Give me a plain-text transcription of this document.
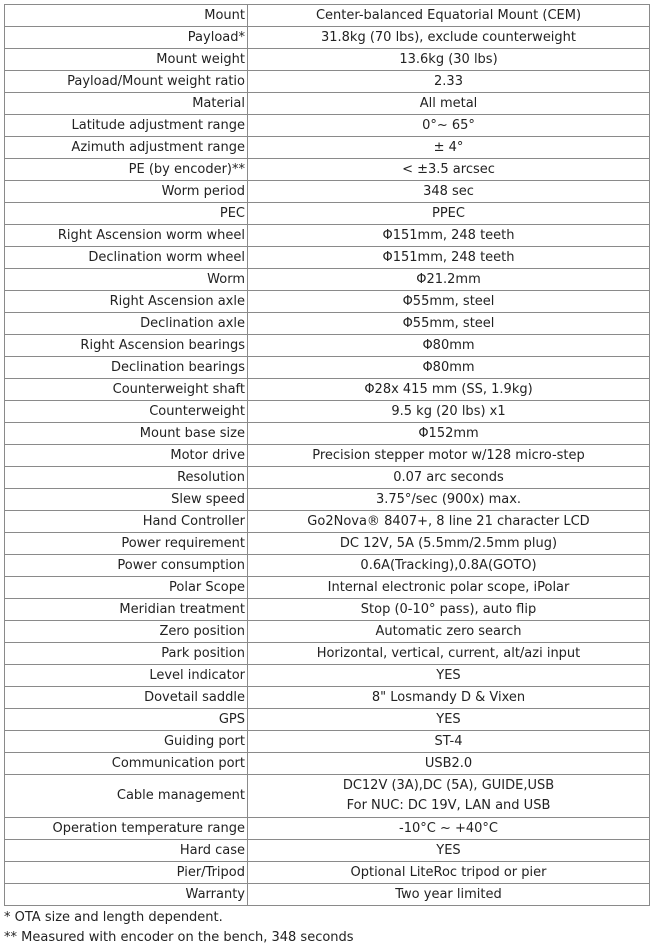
Mount	Center-balanced Equatorial Mount (CEM)
Payload*	31.8kg (70 lbs), exclude counterweight
Mount weight	13.6kg (30 lbs)
Payload/Mount weight ratio	2.33
Material	All metal
Latitude adjustment range	0°~ 65°
Azimuth adjustment range	± 4°
PE (by encoder)**	< ±3.5 arcsec
Worm period	348 sec
PEC	PPEC
Right Ascension worm wheel	Φ151mm, 248 teeth
Declination worm wheel	Φ151mm, 248 teeth
Worm	Φ21.2mm
Right Ascension axle	Φ55mm, steel
Declination axle	Φ55mm, steel
Right Ascension bearings	Φ80mm
Declination bearings	Φ80mm
Counterweight shaft	Φ28x 415 mm (SS, 1.9kg)
Counterweight	9.5 kg (20 lbs) x1
Mount base size	Φ152mm
Motor drive	Precision stepper motor w/128 micro-step
Resolution	0.07 arc seconds
Slew speed	3.75°/sec (900x) max.
Hand Controller	Go2Nova® 8407+, 8 line 21 character LCD
Power requirement	DC 12V, 5A (5.5mm/2.5mm plug)
Power consumption	0.6A(Tracking),0.8A(GOTO)
Polar Scope	Internal electronic polar scope, iPolar
Meridian treatment	Stop (0-10° pass), auto flip
Zero position	Automatic zero search
Park position	Horizontal, vertical, current, alt/azi input
Level indicator	YES
Dovetail saddle	8" Losmandy D & Vixen
GPS	YES
Guiding port	ST-4
Communication port	USB2.0
Cable management	DC12V (3A),DC (5A), GUIDE,USB
For NUC: DC 19V, LAN and USB

Operation temperature range	-10°C ~ +40°C
Hard case	YES
Pier/Tripod	Optional LiteRoc tripod or pier
Warranty	Two year limited
* OTA size and length dependent.
** Measured with encoder on the bench, 348 seconds
